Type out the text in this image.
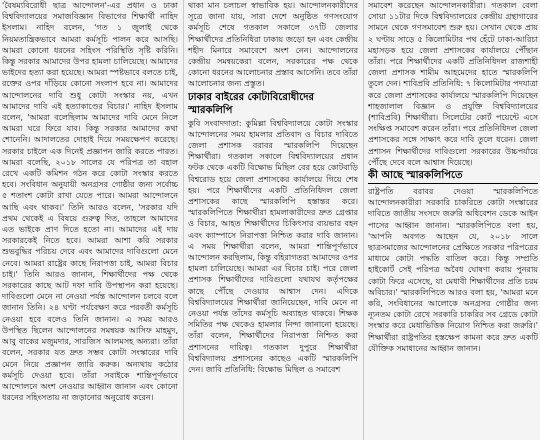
'বৈষম্যবিরোধী ছাত্র আন্দোলন'-এর প্রধান ও ঢাকা বিশ্ববিদ্যালয়ের সমাজবিজ্ঞান বিভাগের শিক্ষার্থী নাহিদ ইসলাম। নাহিদ বলেন, 'গত ১ জুলাই থেকে নিয়মতান্ত্রিকভাবে আমরা কর্মসূচি পালন করে আসছি। আমরা কোনো ধরনের সহিংস পরিস্থিতি সৃষ্টি করিনি। কিন্তু সরকার আমাদের উপর হামলা চালিয়েছে। আমাদের ভাইদের হত্যা করা হয়েছে। আমরা স্পষ্টভাবে বলতে চাই, রক্তের ওপর দাঁড়িয়ে কোনো সংলাপ হবে না। আমাদের আন্দোলনের দাবি শুধু কোটা সংস্কার নয়, এখন আমাদের দাবি এই হত্যাকাণ্ডের বিচার।' নাহিদ ইসলাম বলেন, 'আমরা বলেছিলাম আমাদের দাবি মেনে নিলে আমরা ঘরে ফিরে যাব। কিন্তু সরকার আমাদের কথা শোনেনি। আদালতের দোহাই দিয়ে সময়ক্ষেপণ করেছে। সরকার চাইলে এক দিনেই প্রজ্ঞাপন জারি করতে পারত। আমরা বলেছি, ২০১৮ সালের যে পরিপত্র তা বহাল রেখে একটি কমিশন গঠন করে কোটা সংস্কার করতে হবে। সংবিধান অনুযায়ী অনগ্রসর গোষ্ঠীর জন্য সর্বোচ্চ ৫ শতাংশ কোটা রাখা যেতে পারে। আমরা আন্দোলনে আছি এবং থাকব।' তিনি আরও বলেন, 'সরকার যদি প্রথম থেকেই এ বিষয়ে গুরুত্ব দিত, তাহলে আমাদের এত ভাইকে প্রাণ দিতে হতো না। আমাদের এই দায় সরকারকেই নিতে হবে। আমরা আশা করি সরকার শুভবুদ্ধির পরিচয় দেবে এবং আমাদের দাবিগুলো মেনে নেবে। আমরা রাষ্ট্রের কাছে নিরাপত্তা চাই, আমরা বিচার চাই।' তিনি আরও জানান, শিক্ষার্থীদের পক্ষ থেকে সরকারের কাছে আট দফা দাবি উপস্থাপন করা হয়েছে। দাবিগুলো মেনে না নেওয়া পর্যন্ত আন্দোলন চলবে বলে জানান তিনি। ২৪ ঘণ্টা পর্যবেক্ষণ করে পরবর্তী কর্মসূচি নেওয়া হবে বলেও তিনি জানান। এ সময় আরও উপস্থিত ছিলেন আন্দোলনের সমন্বয়ক আসিফ মাহমুদ, আবু বাকের মজুমদার, সারজিস আলমসহ অন্যরা। তাঁরা বলেন, সরকার যত দ্রুত সম্ভব কোটা সংস্কারের দাবি মেনে নিয়ে প্রজ্ঞাপন জারি করুক। অন্যথায় কঠোর কর্মসূচি দেওয়া হবে। তাঁরা সবাইকে শান্তিপূর্ণভাবে আন্দোলনে অংশ নেওয়ার আহ্বান জানান এবং কোনো ধরনের সহিংসতায় না জড়ানোর অনুরোধ করেন।

থাকা মান চলাচল স্বাভাবিক হয়। আন্দোলনকারীদের সূত্রে জানা যায়, সারা দেশে অনুষ্ঠিত গণসংযোগ কর্মসূচি শেষে গতকাল সকালে ৩৭টি জেলার শিক্ষার্থীদের প্রতিনিধিরা ঢাকায় জড়ো হন এবং কেন্দ্রীয় শহীদ মিনারে সমাবেশে অংশ নেন। আন্দোলনের কেন্দ্রীয় সমন্বয়কেরা বলেন, সরকারের পক্ষ থেকে কোনো ধরনের আলোচনার প্রস্তাব আসেনি। তবে তাঁরা আলোচনার জন্য প্রস্তুত।

ঢাকার বাইরের কোটাবিরোধীদের স্মারকলিপি

কুবি সংবাদদাতা: কুমিল্লা বিশ্ববিদ্যালয়ে কোটা সংস্কার আন্দোলনের সময় হামলার প্রতিবাদ ও বিচার দাবিতে জেলা প্রশাসক বরাবর স্মারকলিপি দিয়েছেন শিক্ষার্থীরা। গতকাল সকালে বিশ্ববিদ্যালয়ের প্রধান ফটক থেকে একটি বিক্ষোভ মিছিল বের হয়ে কোটবাড়ি বিশ্বরোড হয়ে জেলা প্রশাসকের কার্যালয়ে গিয়ে শেষ হয়। পরে শিক্ষার্থীদের একটি প্রতিনিধিদল জেলা প্রশাসকের কাছে স্মারকলিপি হস্তান্তর করে। স্মারকলিপিতে শিক্ষার্থীরা হামলাকারীদের দ্রুত গ্রেপ্তার ও বিচার, আহত শিক্ষার্থীদের চিকিৎসার ব্যয়ভার বহন এবং ক্যাম্পাসে নিরাপত্তা নিশ্চিত করার দাবি জানান। এ সময় শিক্ষার্থীরা বলেন, আমরা শান্তিপূর্ণভাবে আন্দোলন করছিলাম, কিন্তু বহিরাগতরা আমাদের ওপর হামলা চালিয়েছে। আমরা এর বিচার চাই। পরে জেলা প্রশাসক শিক্ষার্থীদের দাবিগুলো যথাযথ কর্তৃপক্ষের কাছে পৌঁছে দেওয়ার আশ্বাস দেন। এদিকে বিশ্ববিদ্যালয়ের শিক্ষার্থীরা জানিয়েছেন, দাবি মেনে না নেওয়া পর্যন্ত তাঁদের কর্মসূচি অব্যাহত থাকবে। শিক্ষক সমিতির পক্ষ থেকেও হামলার নিন্দা জানানো হয়েছে। তাঁরা বলেন, শিক্ষার্থীদের নিরাপত্তা নিশ্চিত করা প্রশাসনের দায়িত্ব। গতকাল দুপুরে শিক্ষার্থীরা বিশ্ববিদ্যালয় প্রশাসনের কাছেও একটি স্মারকলিপি দেন। জাবি প্রতিনিধি: বিক্ষোভ মিছিল ও সমাবেশ

সমাবেশ করেছেন আন্দোলনকারীরা। গতকাল বেলা সোয়া ১১টার দিকে বিশ্ববিদ্যালয়ের কেন্দ্রীয় গ্রন্থাগারের সামনে থেকে গণসমাবেশ শুরু হয়। সেখান থেকে প্রায় ২ ঘণ্টায় সাড়ে ৫ কিলোমিটার পথ হেঁটে ঢাকা-আরিচা মহাসড়ক হয়ে জেলা প্রশাসকের কার্যালয়ে পৌঁছান তাঁরা। পরে শিক্ষার্থীদের একটি প্রতিনিধিদল রাজশাহী জেলা প্রশাসক শামীম আহমেদের হাতে স্মারকলিপি তুলে দেন। শাবিপ্রবি প্রতিনিধি: ৭ কিলোমিটার পদযাত্রা করে জেলা প্রশাসকের কার্যালয়ে স্মারকলিপি দিয়েছেন শাহজালাল বিজ্ঞান ও প্রযুক্তি বিশ্ববিদ্যালয়ের (শাবিপ্রবি) শিক্ষার্থীরা। সিলেটের কোর্ট পয়েন্টে এসে সংক্ষিপ্ত সমাবেশ করেন তাঁরা। পরে প্রতিনিধিদল জেলা প্রশাসকের সঙ্গে সাক্ষাৎ করে দাবি তুলে ধরেন। জেলা প্রশাসন শিক্ষার্থীদের দাবিগুলো সরকারের উচ্চপর্যায়ে পৌঁছে দেবে বলে আশ্বাস দিয়েছে।

কী আছে স্মারকলিপিতে

রাষ্ট্রপতি বরাবর দেওয়া স্মারকলিপিতে আন্দোলনকারীরা সরকারি চাকরিতে কোটা সংস্কারের দাবিতে জাতীয় সংসদে জরুরি অধিবেশন ডেকে আইন পাসের আহ্বান জানান। স্মারকলিপিতে বলা হয়, 'আপনি অবগত আছেন যে, ২০১৮ সালে ছাত্রসমাজের আন্দোলনের প্রেক্ষিতে সরকার পরিপত্রের মাধ্যমে কোটা পদ্ধতি বাতিল করে। কিন্তু সম্প্রতি হাইকোর্ট সেই পরিপত্র অবৈধ ঘোষণা করায় পুনরায় কোটা ফিরে এসেছে, যা মেধাবী শিক্ষার্থীদের প্রতি চরম অবিচার।' স্মারকলিপিতে আরও বলা হয়, 'আমরা মনে করি, সংবিধানের আলোকে অনগ্রসর গোষ্ঠীর জন্য ন্যূনতম কোটা রেখে সরকারি চাকরির সব গ্রেডে কোটা সংস্কার করে মেধাভিত্তিক নিয়োগ নিশ্চিত করা জরুরি।' শিক্ষার্থীরা রাষ্ট্রপতির হস্তক্ষেপ কামনা করে দ্রুত একটি যৌক্তিক সমাধানের আহ্বান জানান।
